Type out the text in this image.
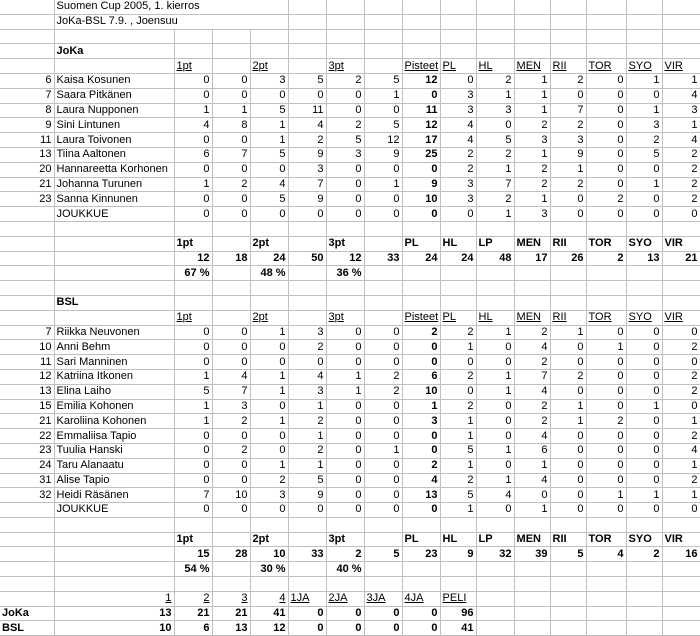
	Suomen Cup 2005, 1. kierros														
	JoKa-BSL 7.9. , Joensuu														

	JoKa														
		1pt		2pt		3pt		Pisteet	PL	HL	MEN	RII	TOR	SYO	VIR
6	Kaisa Kosunen	0	0	3	5	2	5	12	0	2	1	2	0	1	1
7	Saara Pitkänen	0	0	0	0	0	1	0	3	1	1	0	0	0	4
8	Laura Nupponen	1	1	5	11	0	0	11	3	3	1	7	0	1	3
9	Sini Lintunen	4	8	1	4	2	5	12	4	0	2	2	0	3	1
11	Laura Toivonen	0	0	1	2	5	12	17	4	5	3	3	0	2	4
13	Tiina Aaltonen	6	7	5	9	3	9	25	2	2	1	9	0	5	2
20	Hannareetta Korhonen	0	0	0	3	0	0	0	2	1	2	1	0	0	2
21	Johanna Turunen	1	2	4	7	0	1	9	3	7	2	2	0	1	2
23	Sanna Kinnunen	0	0	5	9	0	0	10	3	2	1	0	2	0	2
	JOUKKUE	0	0	0	0	0	0	0	0	1	3	0	0	0	0

		1pt		2pt		3pt		PL	HL	LP	MEN	RII	TOR	SYO	VIR
		12	18	24	50	12	33	24	24	48	17	26	2	13	21
		67 %		48 %		36 %									

	BSL														
		1pt		2pt		3pt		Pisteet	PL	HL	MEN	RII	TOR	SYO	VIR
7	Riikka Neuvonen	0	0	1	3	0	0	2	2	1	2	1	0	0	0
10	Anni Behm	0	0	0	2	0	0	0	1	0	4	0	1	0	2
11	Sari Manninen	0	0	0	0	0	0	0	0	0	2	0	0	0	0
12	Katriina Itkonen	1	4	1	4	1	2	6	2	1	7	2	0	0	2
13	Elina Laiho	5	7	1	3	1	2	10	0	1	4	0	0	0	2
15	Emilia Kohonen	1	3	0	1	0	0	1	2	0	2	1	0	1	0
21	Karoliina Kohonen	1	2	1	2	0	0	3	1	0	2	1	2	0	1
22	Emmaliisa Tapio	0	0	0	1	0	0	0	1	0	4	0	0	0	2
23	Tuulia Hanski	0	2	0	2	0	1	0	5	1	6	0	0	0	4
24	Taru Alanaatu	0	0	1	1	0	0	2	1	0	1	0	0	0	1
31	Alise Tapio	0	0	2	5	0	0	4	2	1	4	0	0	0	2
32	Heidi Räsänen	7	10	3	9	0	0	13	5	4	0	0	1	1	1
	JOUKKUE	0	0	0	0	0	0	0	1	0	1	0	0	0	0

		1pt		2pt		3pt		PL	HL	LP	MEN	RII	TOR	SYO	VIR
		15	28	10	33	2	5	23	9	32	39	5	4	2	16
		54 %		30 %		40 %									

	1	2	3	4	1JA	2JA	3JA	4JA	PELI						
JoKa	13	21	21	41	0	0	0	0	96						
BSL	10	6	13	12	0	0	0	0	41						
